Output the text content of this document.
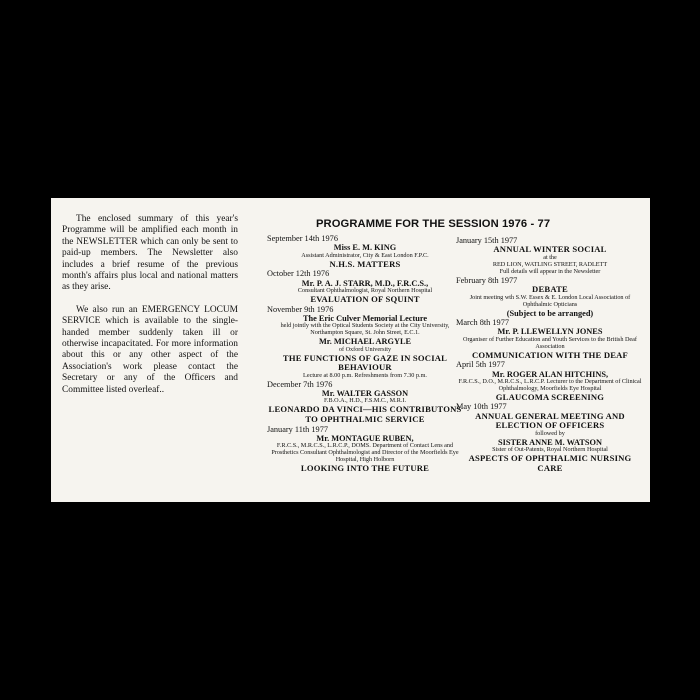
The enclosed summary of this year's Programme will be amplified each month in the NEWSLETTER which can only be sent to paid-up members. The Newsletter also includes a brief resume of the previous month's affairs plus local and national matters as they arise.

We also run an EMERGENCY LOCUM SERVICE which is available to the single-handed member suddenly taken ill or otherwise incapacitated. For more information about this or any other aspect of the Association's work please contact the Secretary or any of the Officers and Committee listed overleaf..

PROGRAMME FOR THE SESSION 1976 - 77
September 14th 1976
Miss E. M. KING
Assistant Administrator, City & East London F.P.C.
N.H.S. MATTERS
October 12th 1976
Mr. P. A. J. STARR, M.D., F.R.C.S.,
Consultant Ophthalmologist, Royal Northern Hospital
EVALUATION OF SQUINT
November 9th 1976
The Eric Culver Memorial Lecture
held jointly with the Optical Students Society at the City University, Northampton Square, St. John Street, E.C.1.
Mr. MICHAEL ARGYLE
of Oxford University
THE FUNCTIONS OF GAZE IN SOCIAL BEHAVIOUR
Lecture at 8.00 p.m. Refreshments from 7.30 p.m.
December 7th 1976
Mr. WALTER GASSON
F.B.O.A., H.D., F.S.M.C., M.R.I.
LEONARDO DA VINCI—HIS CONTRIBUTONS TO OPHTHALMIC SERVICE
January 11th 1977
Mr. MONTAGUE RUBEN,
F.R.C.S., M.R.C.S., L.R.C.P., DOMS. Department of Contact Lens and Prosthetics Consultant Ophthalmologist and Director of the Moorfields Eye Hospital, High Holborn
LOOKING INTO THE FUTURE
January 15th 1977
ANNUAL WINTER SOCIAL
at the
RED LION, WATLING STREET, RADLETT
Full details will appear in the Newsletter
February 8th 1977
DEBATE
Joint meeting wth S.W. Essex & E. London Local Association of Ophthalmic Opticians
(Subject to be arranged)
March 8th 1977
Mr. P. LLEWELLYN JONES
Organiser of Further Education and Youth Services to the British Deaf Association
COMMUNICATION WITH THE DEAF
April 5th 1977
Mr. ROGER ALAN HITCHINS,
F.R.C.S., D.O., M.R.C.S., L.R.C.P. Lecturer to the Department of Clinical Ophthalmology, Moorfields Eye Hospital
GLAUCOMA SCREENING
May 10th 1977
ANNUAL GENERAL MEETING AND ELECTION OF OFFICERS
followed by
SISTER ANNE M. WATSON
Sister of Out-Patents, Royal Northern Hospital
ASPECTS OF OPHTHALMIC NURSING CARE
